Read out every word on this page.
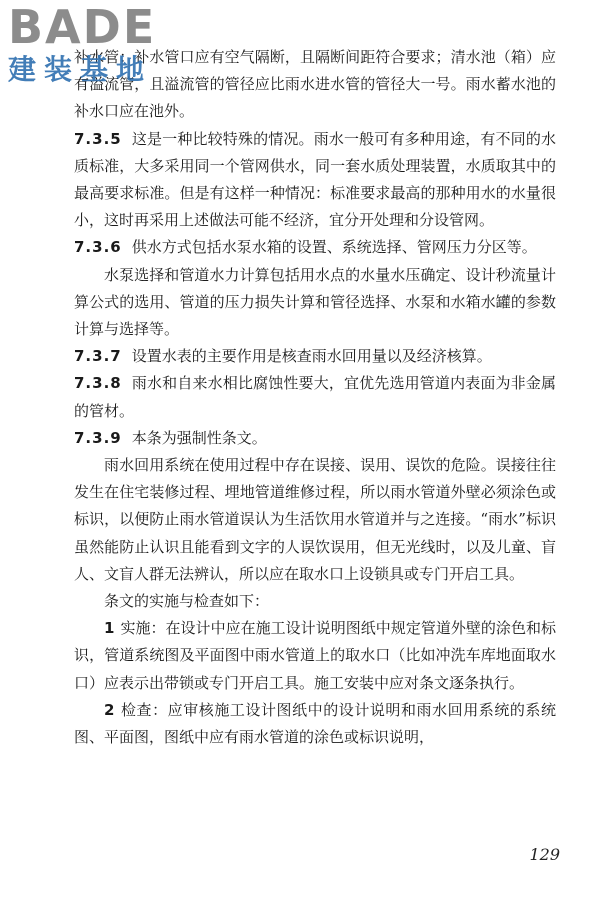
BADE
建装基地

补水管：补水管口应有空气隔断，且隔断间距符合要求；清水池（箱）应有溢流管，且溢流管的管径应比雨水进水管的管径大一号。雨水蓄水池的补水口应在池外。

7.3.5 这是一种比较特殊的情况。雨水一般可有多种用途，有不同的水质标准，大多采用同一个管网供水，同一套水质处理装置，水质取其中的最高要求标准。但是有这样一种情况：标准要求最高的那种用水的水量很小，这时再采用上述做法可能不经济，宜分开处理和分设管网。

7.3.6 供水方式包括水泵水箱的设置、系统选择、管网压力分区等。

水泵选择和管道水力计算包括用水点的水量水压确定、设计秒流量计算公式的选用、管道的压力损失计算和管径选择、水泵和水箱水罐的参数计算与选择等。

7.3.7 设置水表的主要作用是核查雨水回用量以及经济核算。

7.3.8 雨水和自来水相比腐蚀性要大，宜优先选用管道内表面为非金属的管材。

7.3.9 本条为强制性条文。

雨水回用系统在使用过程中存在误接、误用、误饮的危险。误接往往发生在住宅装修过程、埋地管道维修过程，所以雨水管道外壁必须涂色或标识，以便防止雨水管道误认为生活饮用水管道并与之连接。“雨水”标识虽然能防止认识且能看到文字的人误饮误用，但无光线时，以及儿童、盲人、文盲人群无法辨认，所以应在取水口上设锁具或专门开启工具。

条文的实施与检查如下：

1 实施：在设计中应在施工设计说明图纸中规定管道外壁的涂色和标识，管道系统图及平面图中雨水管道上的取水口（比如冲洗车库地面取水口）应表示出带锁或专门开启工具。施工安装中应对条文逐条执行。

2 检查：应审核施工设计图纸中的设计说明和雨水回用系统的系统图、平面图，图纸中应有雨水管道的涂色或标识说明，

129
